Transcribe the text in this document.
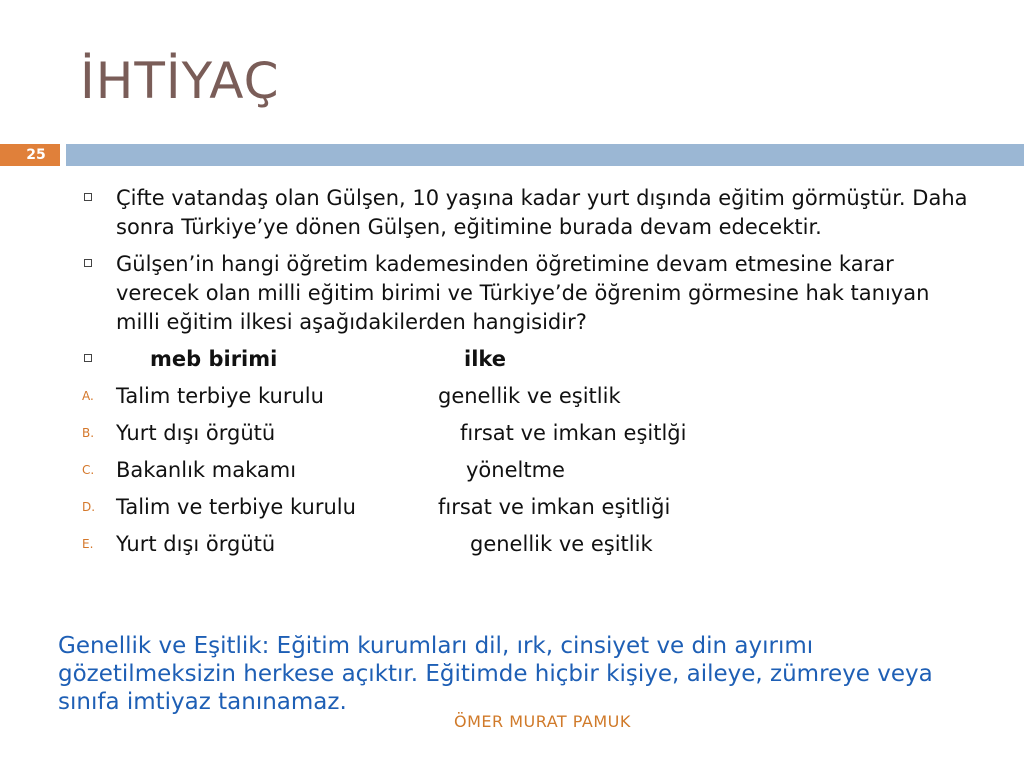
İHTİYAÇ
25
Çifte vatandaş olan Gülşen, 10 yaşına kadar yurt dışında eğitim görmüştür. Daha sonra Türkiye’ye dönen Gülşen, eğitimine burada devam edecektir.
Gülşen’in hangi öğretim kademesinden öğretimine devam etmesine karar verecek olan milli eğitim birimi ve Türkiye’de öğrenim görmesine hak tanıyan milli eğitim ilkesi aşağıdakilerden hangisidir?
meb birimi	ilke
A. Talim terbiye kurulu	genellik ve eşitlik
B. Yurt dışı örgütü	fırsat ve imkan eşitlği
C. Bakanlık makamı	yöneltme
D. Talim ve terbiye kurulu	fırsat ve imkan eşitliği
E. Yurt dışı örgütü	genellik ve eşitlik
Genellik ve Eşitlik: Eğitim kurumları dil, ırk, cinsiyet ve din ayırımı gözetilmeksizin herkese açıktır. Eğitimde hiçbir kişiye, aileye, zümreye veya sınıfa imtiyaz tanınamaz.
ÖMER MURAT PAMUK
